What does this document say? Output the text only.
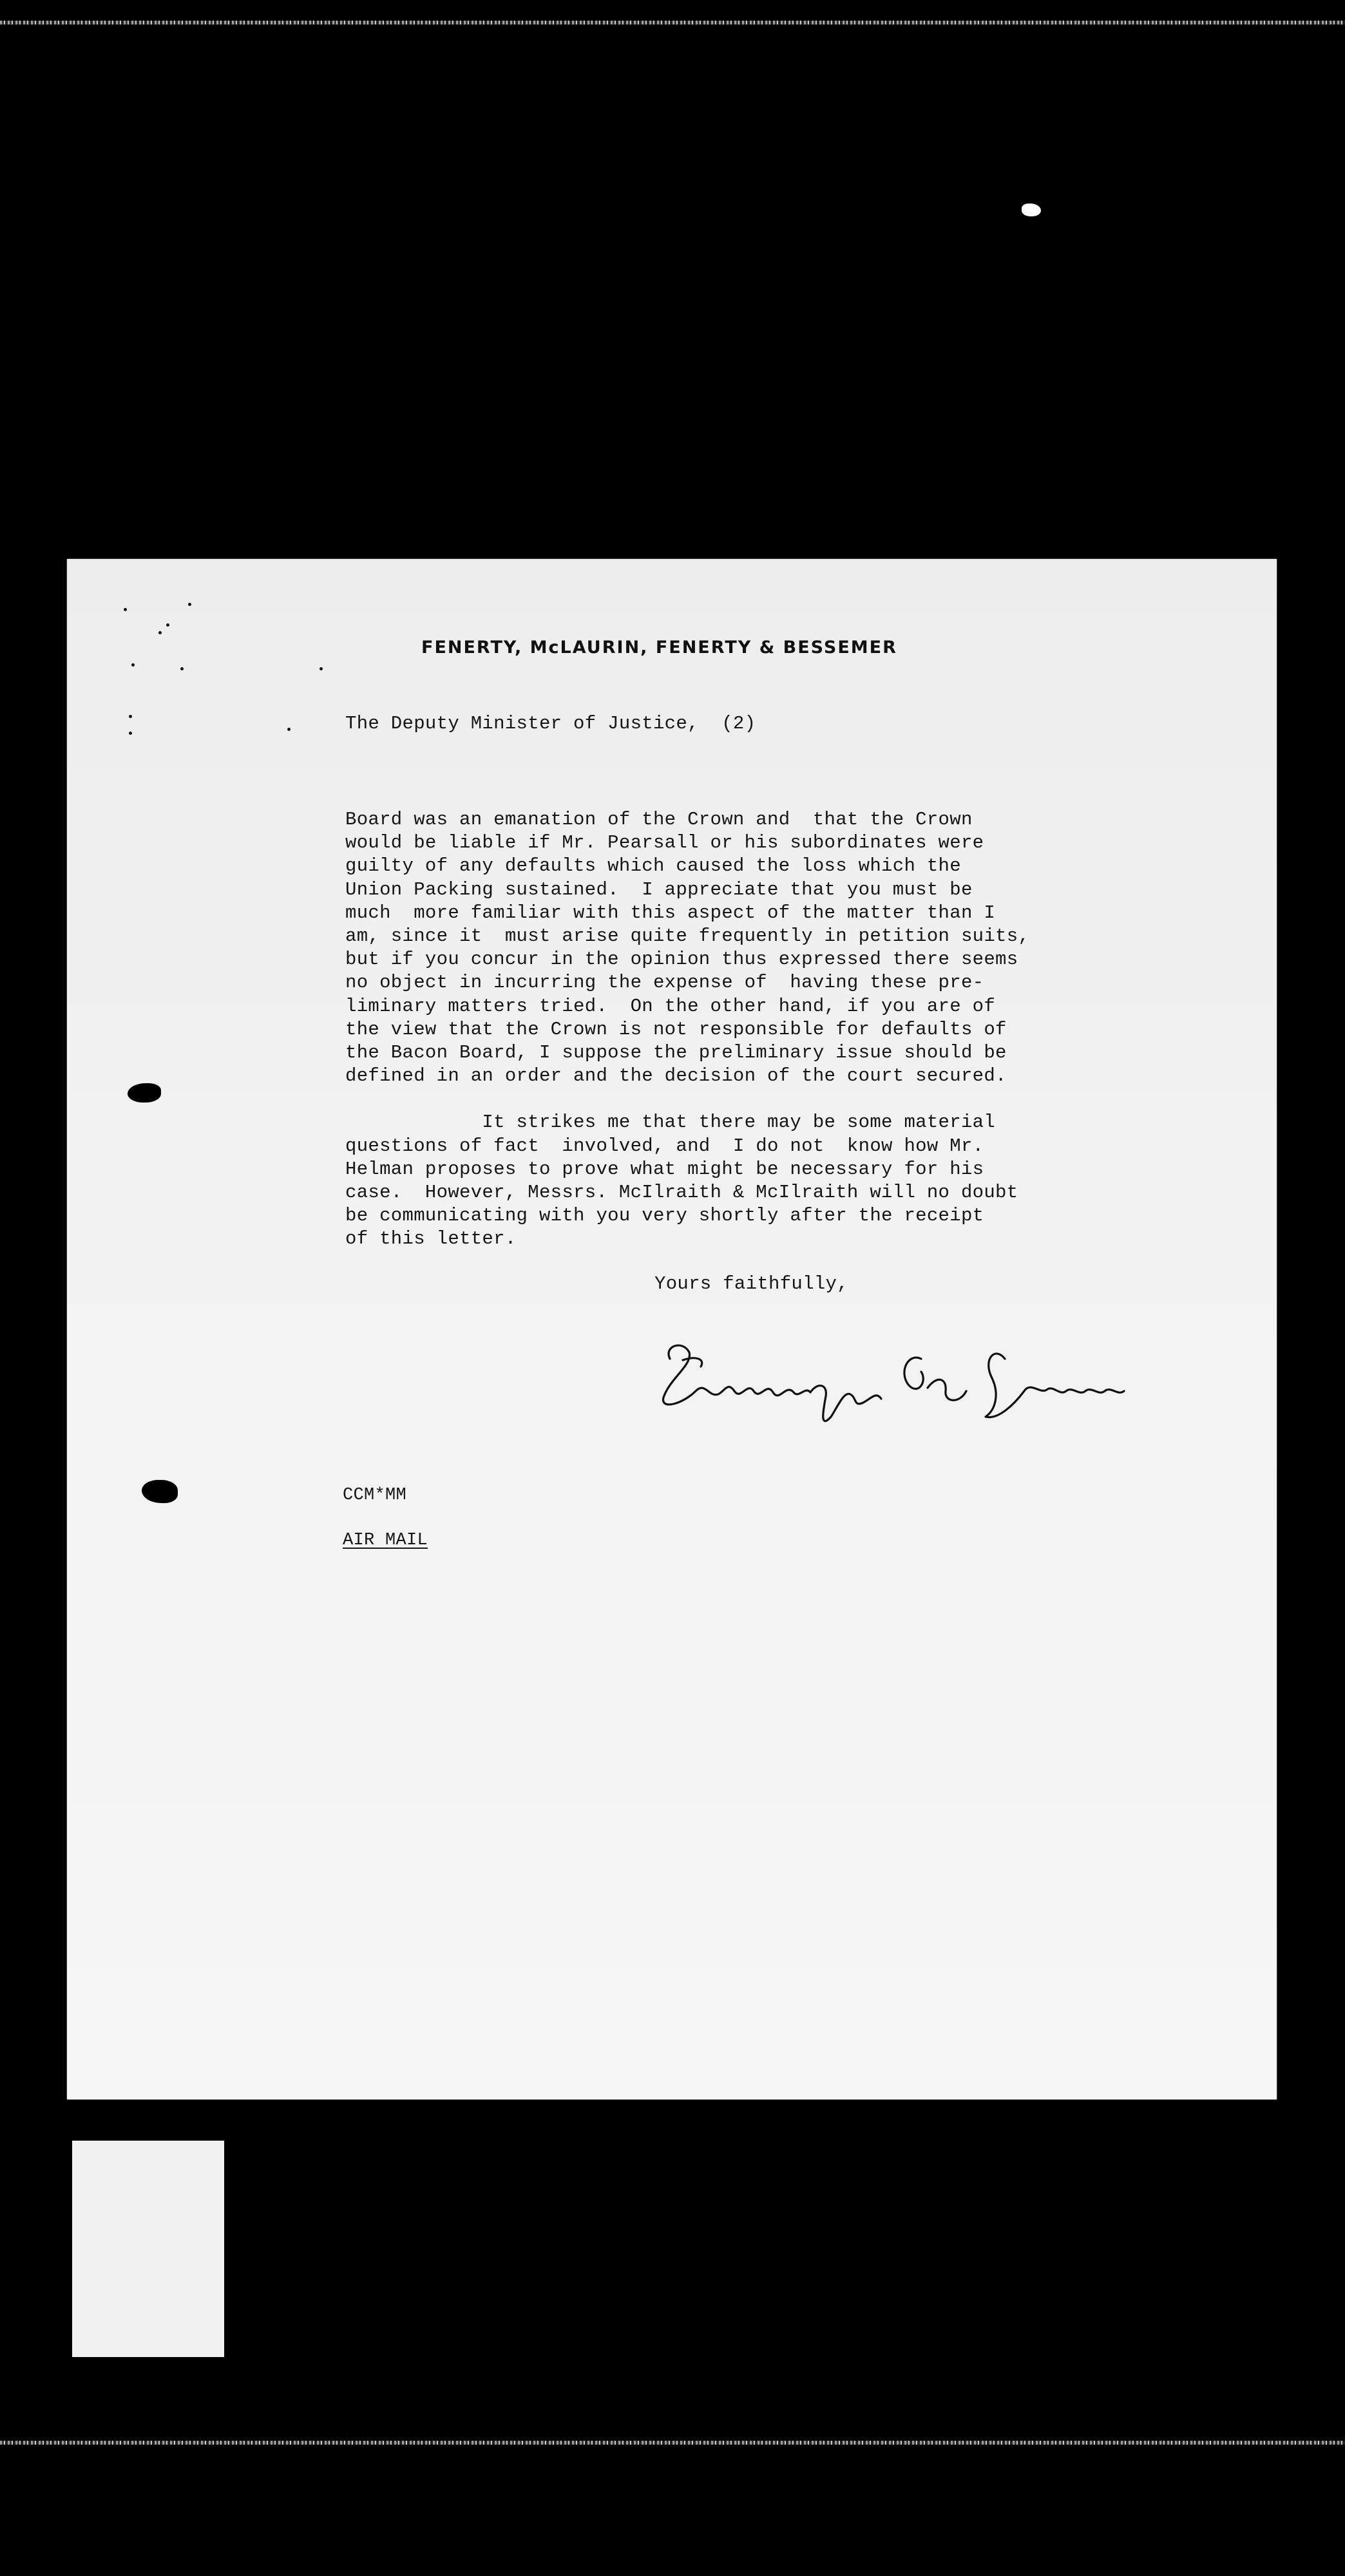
FENERTY, McLAURIN, FENERTY & BESSEMER
The Deputy Minister of Justice,  (2)
Board was an emanation of the Crown and  that the Crown
would be liable if Mr. Pearsall or his subordinates were
guilty of any defaults which caused the loss which the
Union Packing sustained.  I appreciate that you must be
much  more familiar with this aspect of the matter than I
am, since it  must arise quite frequently in petition suits,
but if you concur in the opinion thus expressed there seems
no object in incurring the expense of  having these pre-
liminary matters tried.  On the other hand, if you are of
the view that the Crown is not responsible for defaults of
the Bacon Board, I suppose the preliminary issue should be
defined in an order and the decision of the court secured.

It strikes me that there may be some material
questions of fact  involved, and  I do not  know how Mr.
Helman proposes to prove what might be necessary for his
case.  However, Messrs. McIlraith & McIlraith will no doubt
be communicating with you very shortly after the receipt
of this letter.
Yours faithfully,
CCM*MM
AIR MAIL
